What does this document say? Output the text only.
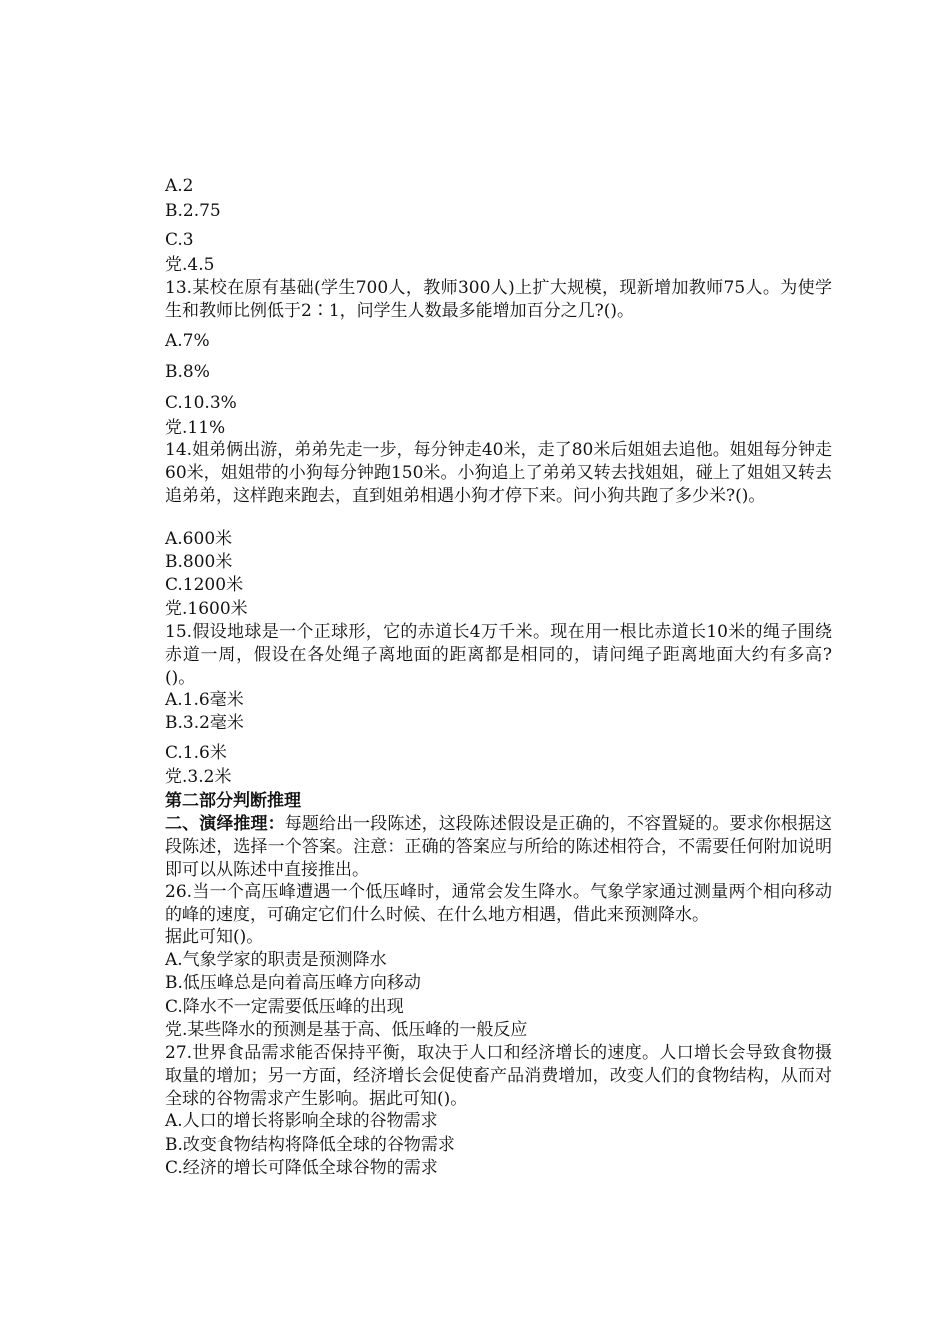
A.2
B.2.75
C.3
党.4.5
13.某校在原有基础(学生700人，教师300人)上扩大规模，现新增加教师75人。为使学生和教师比例低于2∶1，问学生人数最多能增加百分之几?()。
A.7%
B.8%
C.10.3%
党.11%
14.姐弟俩出游，弟弟先走一步，每分钟走40米，走了80米后姐姐去追他。姐姐每分钟走60米，姐姐带的小狗每分钟跑150米。小狗追上了弟弟又转去找姐姐，碰上了姐姐又转去追弟弟，这样跑来跑去，直到姐弟相遇小狗才停下来。问小狗共跑了多少米?()。
A.600米
B.800米
C.1200米
党.1600米
15.假设地球是一个正球形，它的赤道长4万千米。现在用一根比赤道长10米的绳子围绕赤道一周，假设在各处绳子离地面的距离都是相同的，请问绳子距离地面大约有多高?()。
A.1.6毫米
B.3.2毫米
C.1.6米
党.3.2米
第二部分判断推理
二、演绎推理：每题给出一段陈述，这段陈述假设是正确的，不容置疑的。要求你根据这段陈述，选择一个答案。注意：正确的答案应与所给的陈述相符合，不需要任何附加说明即可以从陈述中直接推出。
26.当一个高压峰遭遇一个低压峰时，通常会发生降水。气象学家通过测量两个相向移动的峰的速度，可确定它们什么时候、在什么地方相遇，借此来预测降水。
据此可知()。
A.气象学家的职责是预测降水
B.低压峰总是向着高压峰方向移动
C.降水不一定需要低压峰的出现
党.某些降水的预测是基于高、低压峰的一般反应
27.世界食品需求能否保持平衡，取决于人口和经济增长的速度。人口增长会导致食物摄取量的增加；另一方面，经济增长会促使畜产品消费增加，改变人们的食物结构，从而对全球的谷物需求产生影响。据此可知()。
A.人口的增长将影响全球的谷物需求
B.改变食物结构将降低全球的谷物需求
C.经济的增长可降低全球谷物的需求
